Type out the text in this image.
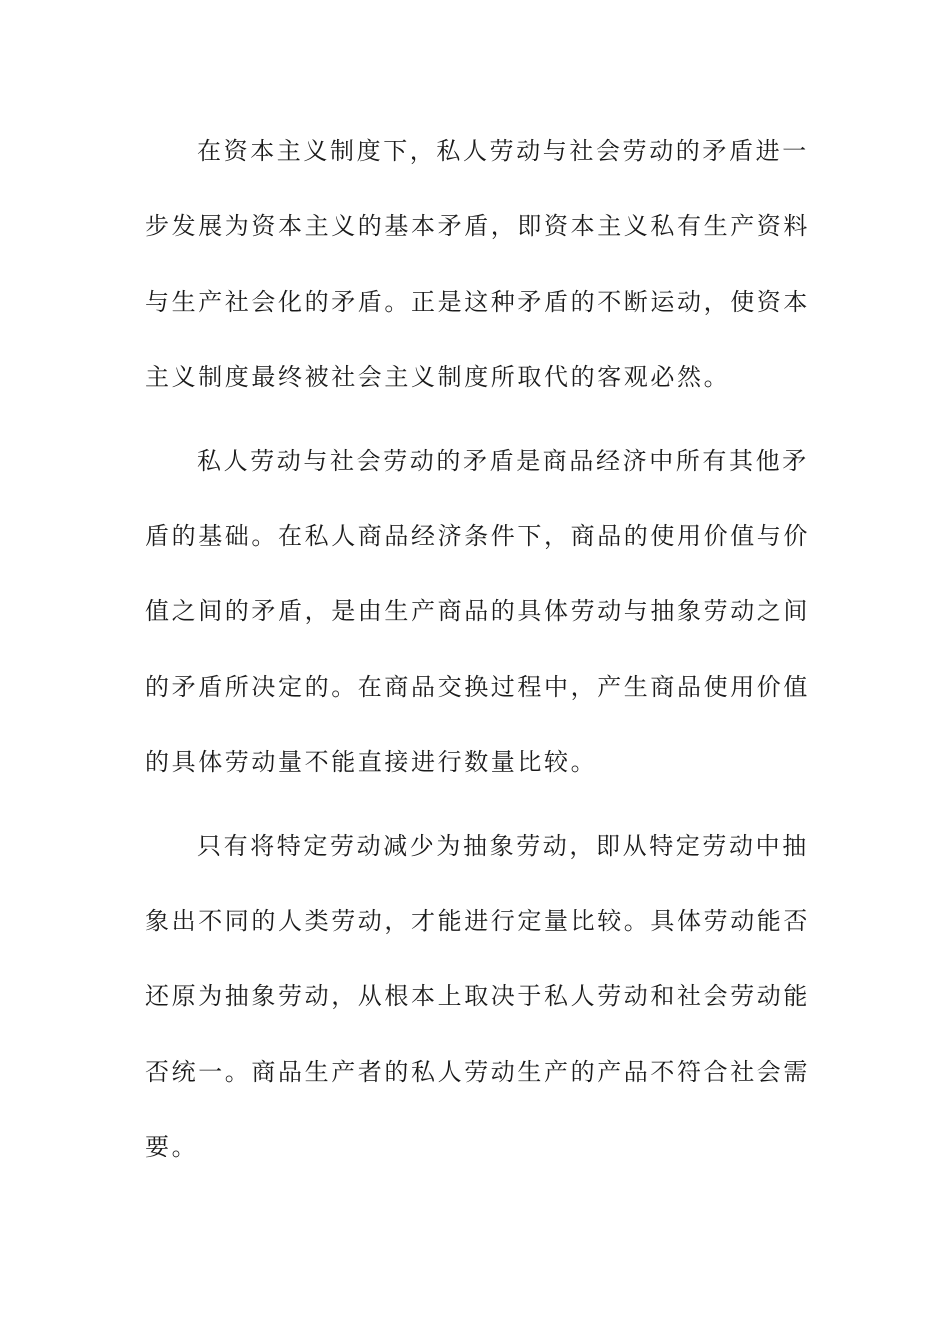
在资本主义制度下，私人劳动与社会劳动的矛盾进一
步发展为资本主义的基本矛盾，即资本主义私有生产资料
与生产社会化的矛盾。正是这种矛盾的不断运动，使资本
主义制度最终被社会主义制度所取代的客观必然。
私人劳动与社会劳动的矛盾是商品经济中所有其他矛
盾的基础。在私人商品经济条件下，商品的使用价值与价
值之间的矛盾，是由生产商品的具体劳动与抽象劳动之间
的矛盾所决定的。在商品交换过程中，产生商品使用价值
的具体劳动量不能直接进行数量比较。
只有将特定劳动减少为抽象劳动，即从特定劳动中抽
象出不同的人类劳动，才能进行定量比较。具体劳动能否
还原为抽象劳动，从根本上取决于私人劳动和社会劳动能
否统一。商品生产者的私人劳动生产的产品不符合社会需
要。
